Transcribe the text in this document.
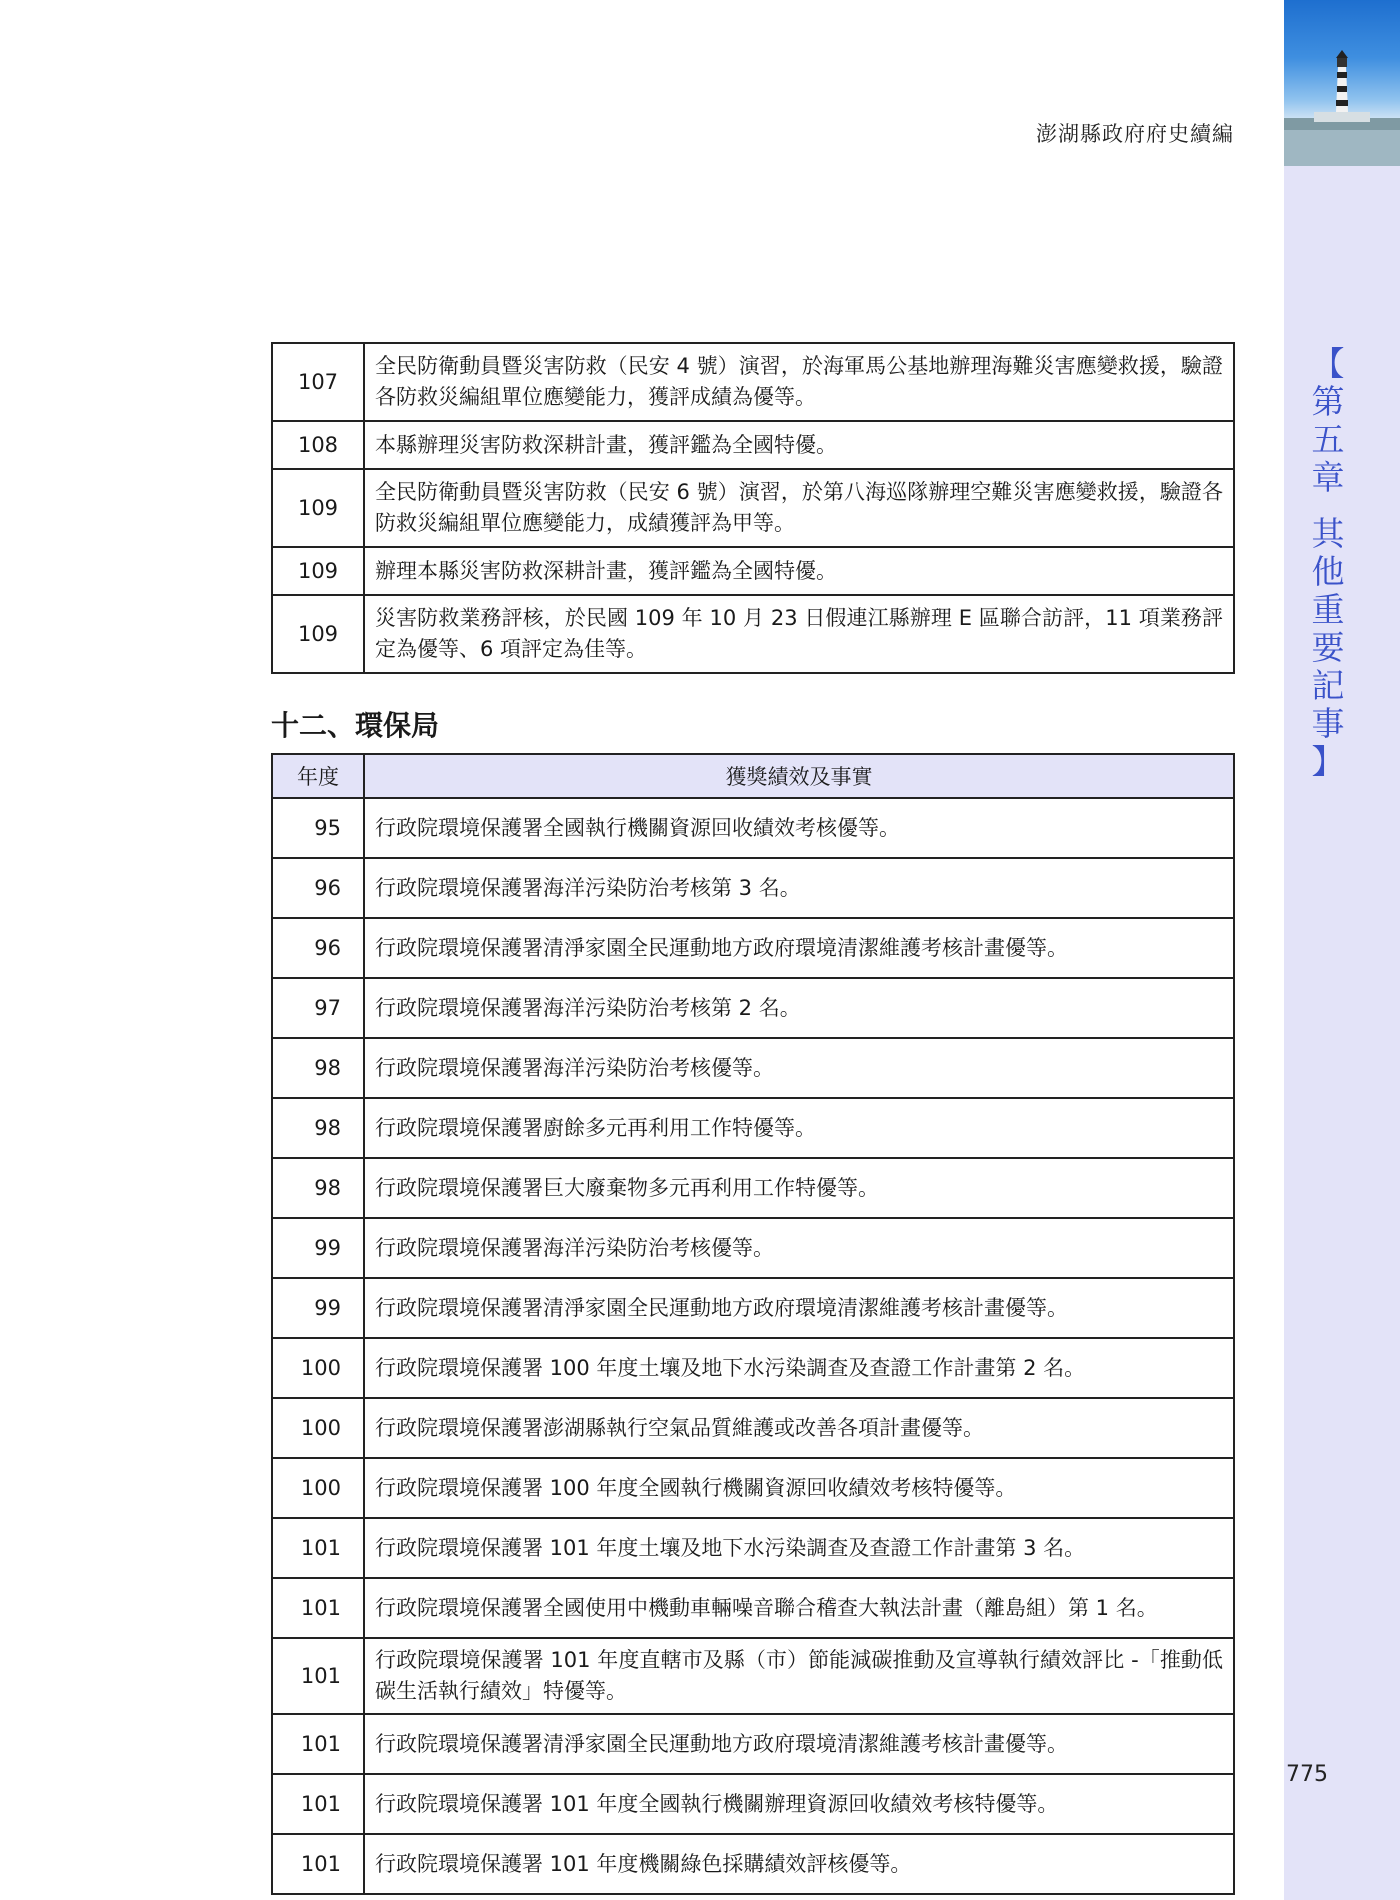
澎湖縣政府府史續編
【
第
五
章
其
他
重
要
記
事
】
107	全民防衛動員暨災害防救（民安 4 號）演習，於海軍馬公基地辦理海難災害應變救援，驗證各防救災編組單位應變能力，獲評成績為優等。
108	本縣辦理災害防救深耕計畫，獲評鑑為全國特優。
109	全民防衛動員暨災害防救（民安 6 號）演習，於第八海巡隊辦理空難災害應變救援，驗證各防救災編組單位應變能力，成績獲評為甲等。
109	辦理本縣災害防救深耕計畫，獲評鑑為全國特優。
109	災害防救業務評核，於民國 109 年 10 月 23 日假連江縣辦理 E 區聯合訪評，11 項業務評定為優等、6 項評定為佳等。
十二、環保局
年度	獲獎績效及事實
95	行政院環境保護署全國執行機關資源回收績效考核優等。
96	行政院環境保護署海洋污染防治考核第 3 名。
96	行政院環境保護署清淨家園全民運動地方政府環境清潔維護考核計畫優等。
97	行政院環境保護署海洋污染防治考核第 2 名。
98	行政院環境保護署海洋污染防治考核優等。
98	行政院環境保護署廚餘多元再利用工作特優等。
98	行政院環境保護署巨大廢棄物多元再利用工作特優等。
99	行政院環境保護署海洋污染防治考核優等。
99	行政院環境保護署清淨家園全民運動地方政府環境清潔維護考核計畫優等。
100	行政院環境保護署 100 年度土壤及地下水污染調查及查證工作計畫第 2 名。
100	行政院環境保護署澎湖縣執行空氣品質維護或改善各項計畫優等。
100	行政院環境保護署 100 年度全國執行機關資源回收績效考核特優等。
101	行政院環境保護署 101 年度土壤及地下水污染調查及查證工作計畫第 3 名。
101	行政院環境保護署全國使用中機動車輛噪音聯合稽查大執法計畫（離島組）第 1 名。
101	行政院環境保護署 101 年度直轄市及縣（市）節能減碳推動及宣導執行績效評比 -「推動低碳生活執行績效」特優等。
101	行政院環境保護署清淨家園全民運動地方政府環境清潔維護考核計畫優等。
101	行政院環境保護署 101 年度全國執行機關辦理資源回收績效考核特優等。
101	行政院環境保護署 101 年度機關綠色採購績效評核優等。
775
